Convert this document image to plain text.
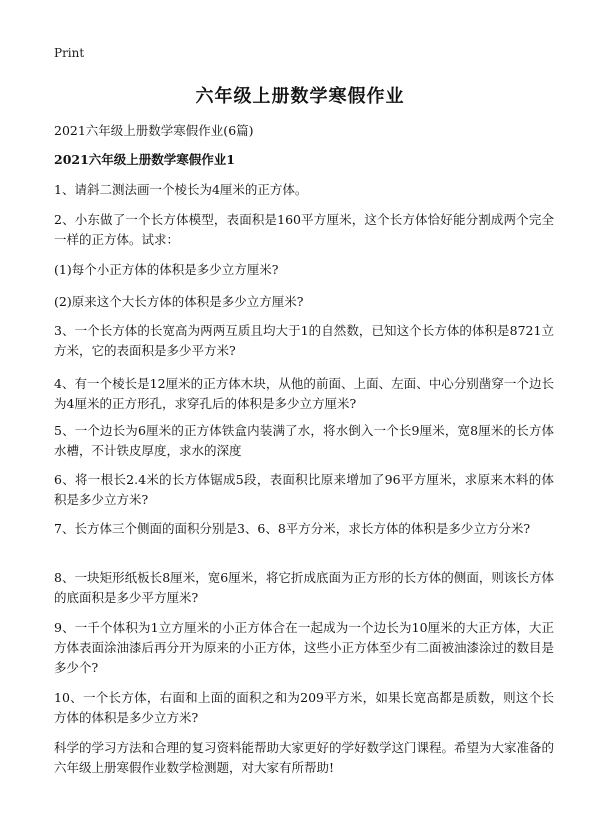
Print
六年级上册数学寒假作业

2021六年级上册数学寒假作业(6篇)

2021六年级上册数学寒假作业1

1、请斜二测法画一个棱长为4厘米的正方体。

2、小东做了一个长方体模型，表面积是160平方厘米，这个长方体恰好能分割成两个完全一样的正方体。试求：

(1)每个小正方体的体积是多少立方厘米?

(2)原来这个大长方体的体积是多少立方厘米?

3、一个长方体的长宽高为两两互质且均大于1的自然数，已知这个长方体的体积是8721立方米，它的表面积是多少平方米?

4、有一个棱长是12厘米的正方体木块，从他的前面、上面、左面、中心分别凿穿一个边长为4厘米的正方形孔，求穿孔后的体积是多少立方厘米?

5、一个边长为6厘米的正方体铁盒内装满了水，将水倒入一个长9厘米，宽8厘米的长方体水槽，不计铁皮厚度，求水的深度

6、将一根长2.4米的长方体锯成5段，表面积比原来增加了96平方厘米，求原来木料的体积是多少立方米?

7、长方体三个侧面的面积分别是3、6、8平方分米，求长方体的体积是多少立方分米?

8、一块矩形纸板长8厘米，宽6厘米，将它折成底面为正方形的长方体的侧面，则该长方体的底面积是多少平方厘米?

9、一千个体积为1立方厘米的小正方体合在一起成为一个边长为10厘米的大正方体，大正方体表面涂油漆后再分开为原来的小正方体，这些小正方体至少有二面被油漆涂过的数目是多少个?

10、一个长方体，右面和上面的面积之和为209平方米，如果长宽高都是质数，则这个长方体的体积是多少立方米?

科学的学习方法和合理的复习资料能帮助大家更好的学好数学这门课程。希望为大家准备的六年级上册寒假作业数学检测题，对大家有所帮助!
